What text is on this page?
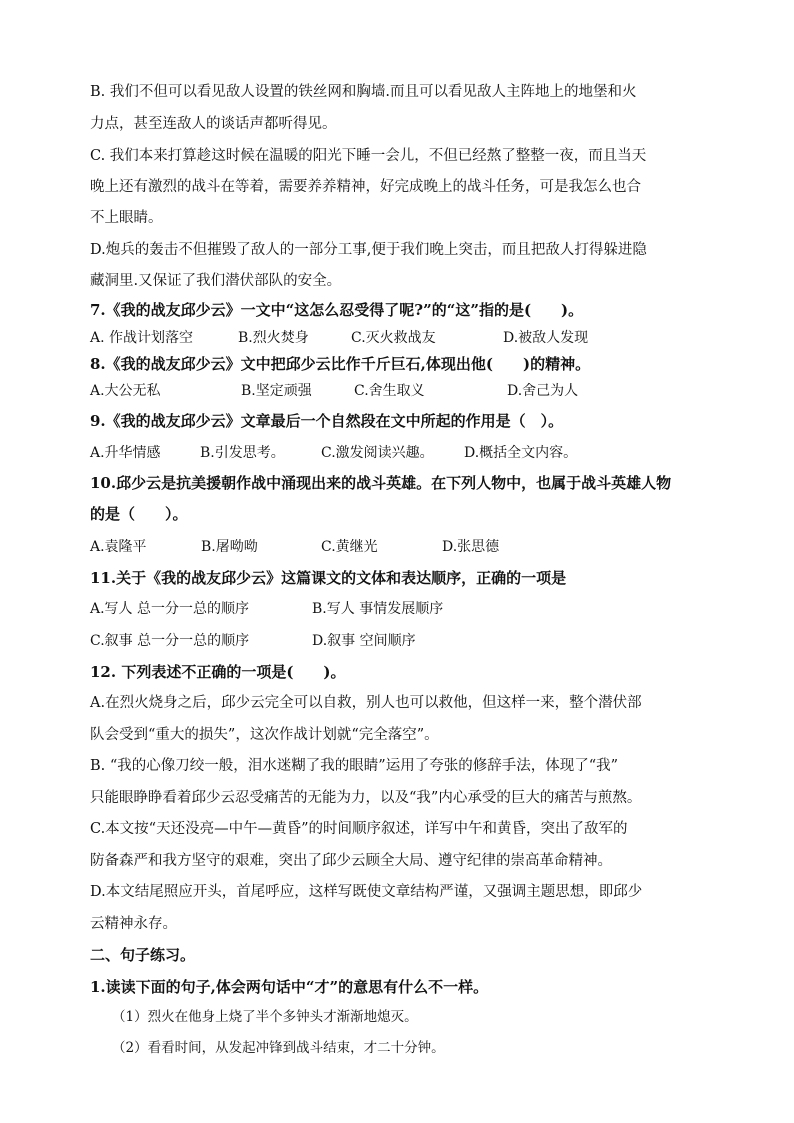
B. 我们不但可以看见敌人设置的铁丝网和胸墙.而且可以看见敌人主阵地上的地堡和火
力点，甚至连敌人的谈话声都听得见。
C. 我们本来打算趁这时候在温暖的阳光下睡一会儿，不但已经熬了整整一夜，而且当天
晚上还有激烈的战斗在等着，需要养养精神，好完成晚上的战斗任务，可是我怎么也合
不上眼睛。
D.炮兵的轰击不但摧毁了敌人的一部分工事,便于我们晚上突击，而且把敌人打得躲进隐
藏洞里.又保证了我们潜伏部队的安全。
7.《我的战友邱少云》一文中“这怎么忍受得了呢?”的“这”指的是(　　)。
A. 作战计划落空	B.烈火焚身	C.灭火救战友	D.被敌人发现
8.《我的战友邱少云》文中把邱少云比作千斤巨石,体现出他(　　)的精神。
A.大公无私	B.坚定顽强	C.舍生取义	D.舍己为人
9.《我的战友邱少云》文章最后一个自然段在文中所起的作用是（　）。
A.升华情感	B.引发思考。	C.激发阅读兴趣。 D.概括全文内容。
10.邱少云是抗美援朝作战中涌现出来的战斗英雄。在下列人物中，也属于战斗英雄人物
的是（　　）。
A.袁隆平	B.屠呦呦	C.黄继光	D.张思德
11.关于《我的战友邱少云》这篇课文的文体和表达顺序，正确的一项是
A.写人 总一分一总的顺序	B.写人 事情发展顺序
C.叙事 总一分一总的顺序	D.叙事 空间顺序
12. 下列表述不正确的一项是(　　)。
A.在烈火烧身之后，邱少云完全可以自救，别人也可以救他，但这样一来，整个潜伏部
队会受到“重大的损失”，这次作战计划就“完全落空”。
B. “我的心像刀绞一般，泪水迷糊了我的眼睛”运用了夸张的修辞手法，体现了“我”
只能眼睁睁看着邱少云忍受痛苦的无能为力，以及“我”内心承受的巨大的痛苦与煎熬。
C.本文按“天还没亮—中午—黄昏”的时间顺序叙述，详写中午和黄昏，突出了敌军的
防备森严和我方坚守的艰难，突出了邱少云顾全大局、遵守纪律的崇高革命精神。
D.本文结尾照应开头，首尾呼应，这样写既使文章结构严谨，又强调主题思想，即邱少
云精神永存。
二、句子练习。
1.读读下面的句子,体会两句话中“才”的意思有什么不一样。
（1）烈火在他身上烧了半个多钟头才渐渐地熄灭。
（2）看看时间，从发起冲锋到战斗结束，才二十分钟。
